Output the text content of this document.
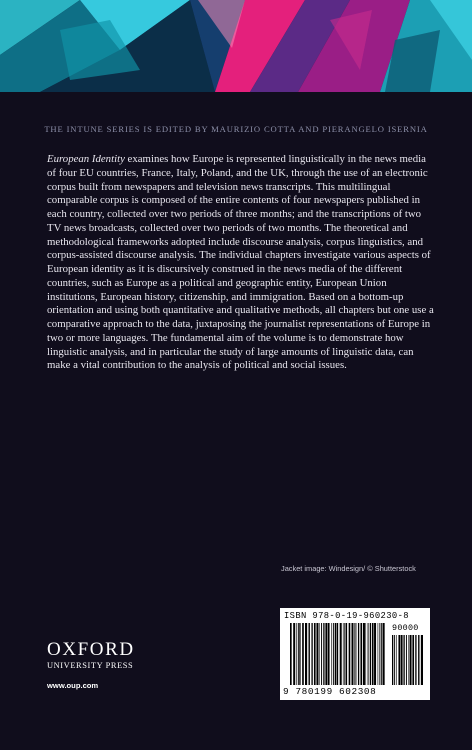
THE INTUNE SERIES IS EDITED BY MAURIZIO COTTA AND PIERANGELO ISERNIA

European Identity examines how Europe is represented linguistically in the news media of four EU countries, France, Italy, Poland, and the UK, through the use of an electronic corpus built from newspapers and television news transcripts. This multilingual comparable corpus is composed of the entire contents of four newspapers published in each country, collected over two periods of three months; and the transcriptions of two TV news broadcasts, collected over two periods of two months. The theoretical and methodological frameworks adopted include discourse analysis, corpus linguistics, and corpus-assisted discourse analysis. The individual chapters investigate various aspects of European identity as it is discursively construed in the news media of the different countries, such as Europe as a political and geographic entity, European Union institutions, European history, citizenship, and immigration. Based on a bottom-up orientation and using both quantitative and qualitative methods, all chapters but one use a comparative approach to the data, juxtaposing the journalist representations of Europe in two or more languages. The fundamental aim of the volume is to demonstrate how linguistic analysis, and in particular the study of large amounts of linguistic data, can make a vital contribution to the analysis of political and social issues.

Jacket image: Windesign/ © Shutterstock
OXFORD
UNIVERSITY PRESS
www.oup.com
ISBN 978-0-19-960230-8
90000
9 780199 602308
